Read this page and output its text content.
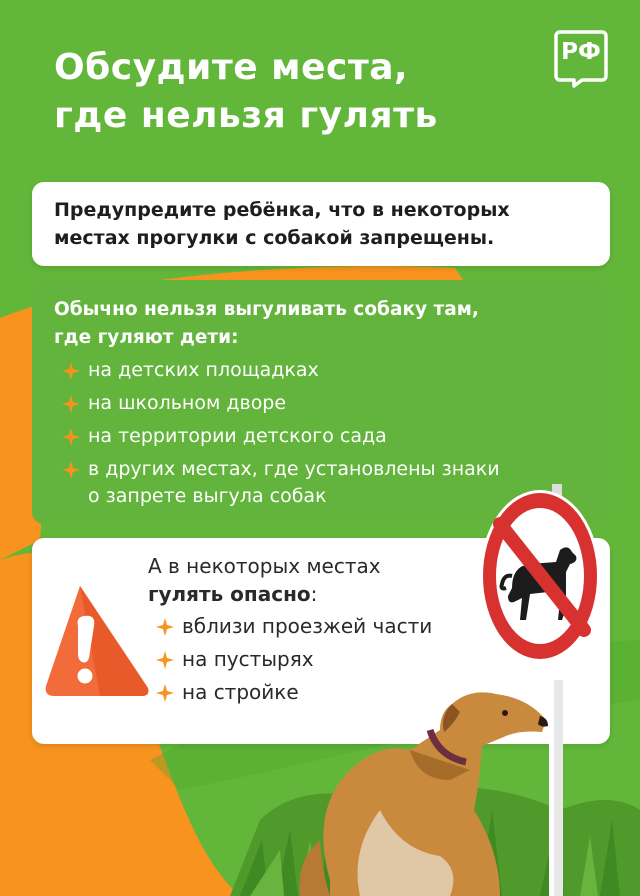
Обсудите места,
где нельзя гулять
РФ
Предупредите ребёнка, что в некоторых
местах прогулки с собакой запрещены.
Обычно нельзя выгуливать собаку там,
где гуляют дети:
на детских площадках
на школьном дворе
на территории детского сада
в других местах, где установлены знаки
о запрете выгула собак
А в некоторых местах
гулять опасно:
вблизи проезжей части
на пустырях
на стройке
